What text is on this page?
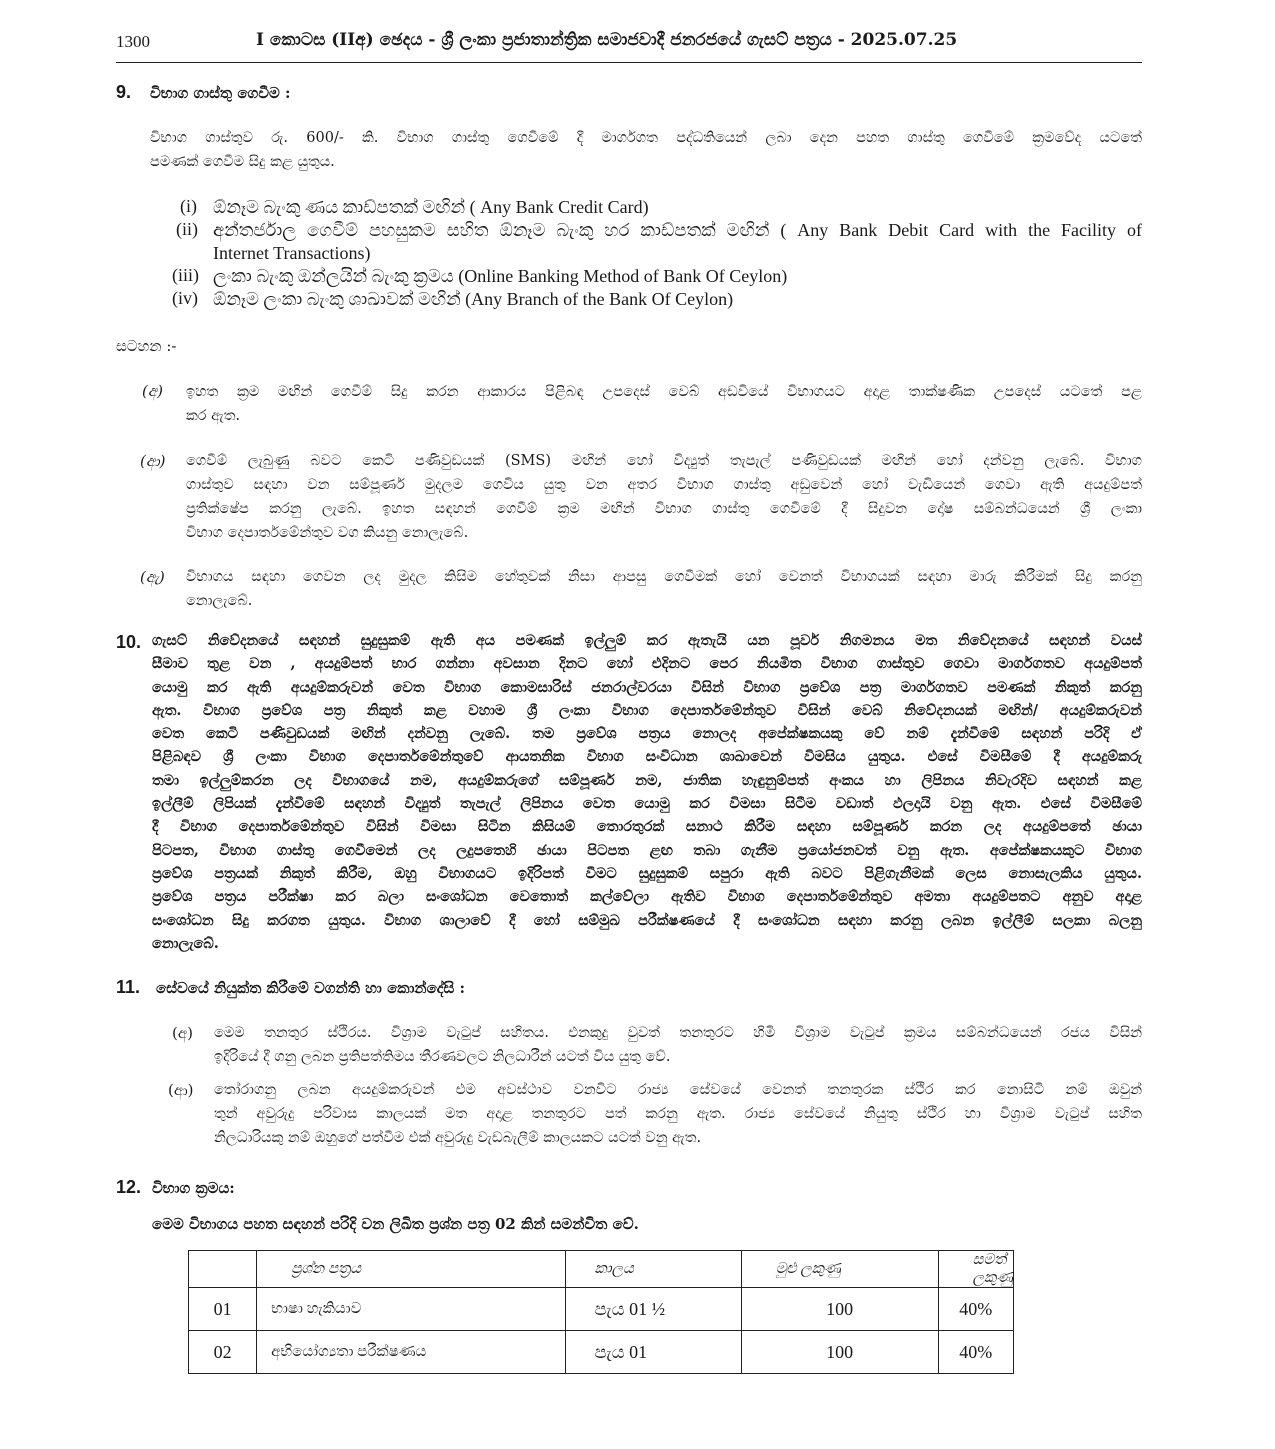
1300	I කොටස (IIඅ) ඡෙදය - ශ්‍රී ලංකා ප්‍රජාතාන්ත්‍රික සමාජවාදී ජනරජයේ ගැසට් පත්‍රය - 2025.07.25
9. විභාග ගාස්තු ගෙවීම :
විභාග ගාස්තුව රු. 600/- කි. විභාග ගාස්තු ගෙවීමේ දී මාර්ගගත පද්ධතියෙන් ලබා දෙන පහත ගාස්තු ගෙවීමේ ක්‍රමවේද යටතේ
පමණක් ගෙවීම සිදු කළ යුතුය.
(i) ඕනෑම බැංකු ණය කාඩ්පතක් මඟින් ( Any Bank Credit Card)
(ii) අන්තර්ජාල ගෙවීම් පහසුකම සහිත ඕනෑම බැංකු හර කාඩ්පතක් මඟින් ( Any Bank Debit Card with the Facility of
Internet Transactions)
(iii) ලංකා බැංකු ඔන්ලයින් බැංකු ක්‍රමය (Online Banking Method of Bank Of Ceylon)
(iv) ඕනෑම ලංකා බැංකු ශාඛාවක් මඟින් (Any Branch of the Bank Of Ceylon)
සටහන :-
(අ) ඉහත ක්‍රම මඟින් ගෙවීම් සිදු කරන ආකාරය පිළිබඳ උපදෙස් වෙබ් අඩවියේ විභාගයට අදාළ තාක්ෂණික උපදෙස් යටතේ පළ
කර ඇත.
(ආ) ගෙවීම් ලැබුණු බවට කෙටි පණිවුඩයක් (SMS) මඟින් හෝ විද්‍යුත් තැපැල් පණිවුඩයක් මඟින් හෝ දන්වනු ලැබේ. විභාග
ගාස්තුව සඳහා වන සම්පූර්ණ මුදලම ගෙවිය යුතු වන අතර විභාග ගාස්තු අඩුවෙන් හෝ වැඩියෙන් ගෙවා ඇති අයදුම්පත්
ප්‍රතික්ෂේප කරනු ලැබේ. ඉහත සඳහන් ගෙවීම් ක්‍රම මඟින් විභාග ගාස්තු ගෙවීමේ දී සිදුවන දෝෂ සම්බන්ධයෙන් ශ්‍රී ලංකා
විභාග දෙපාර්තමේන්තුව වග කියනු නොලැබේ.
(ඇ) විභාගය සඳහා ගෙවන ලද මුදල කිසිම හේතුවක් නිසා ආපසු ගෙවීමක් හෝ වෙනත් විභාගයක් සඳහා මාරු කිරීමක් සිදු කරනු
නොලැබේ.
10. ගැසට් නිවේදනයේ සඳහන් සුදුසුකම් ඇති අය පමණක් ඉල්ලුම් කර ඇතැයි යන පූර්ව නිගමනය මත නිවේදනයේ සඳහන් වයස්
සීමාව තුළ වන , අයදුම්පත් භාර ගන්නා අවසාන දිනට හෝ එදිනට පෙර නියමිත විභාග ගාස්තුව ගෙවා මාර්ගගතව අයදුම්පත්
යොමු කර ඇති අයදුම්කරුවන් වෙත විභාග කොමසාරිස් ජනරාල්වරයා විසින් විභාග ප්‍රවේශ පත්‍ර මාර්ගගතව පමණක් නිකුත් කරනු
ඇත. විභාග ප්‍රවේශ පත්‍ර නිකුත් කළ වහාම ශ්‍රී ලංකා විභාග දෙපාර්තමේන්තුව විසින් වෙබ් නිවේදනයක් මඟින්/ අයදුම්කරුවන්
වෙත කෙටි පණිවුඩයක් මඟින් දන්වනු ලැබේ. තම ප්‍රවේශ පත්‍රය නොලද අපේක්ෂකයකු වේ නම් දැන්වීමේ සඳහන් පරිදි ඒ
පිළිබඳව ශ්‍රී ලංකා විභාග දෙපාර්තමේන්තුවේ ආයතනික විභාග සංවිධාන ශාඛාවෙන් විමසිය යුතුය. එසේ විමසීමේ දී අයදුම්කරු
තමා ඉල්ලුම්කරන ලද විභාගයේ නම, අයදුම්කරුගේ සම්පූර්ණ නම, ජාතික හැඳුනුම්පත් අංකය හා ලිපිනය නිවැරදිව සඳහන් කළ
ඉල්ලීම් ලිපියක් දැන්වීමේ සඳහන් විද්‍යුත් තැපැල් ලිපිනය වෙත යොමු කර විමසා සිටීම වඩාත් ඵලදායි වනු ඇත. එසේ විමසීමේ
දී විභාග දෙපාර්තමේන්තුව විසින් විමසා සිටින කිසියම් තොරතුරක් සනාථ කිරීම සඳහා සම්පූර්ණ කරන ලද අයදුම්පතේ ඡායා
පිටපත, විභාග ගාස්තු ගෙවීමෙන් ලද ලදුපතෙහි ඡායා පිටපත ළඟ තබා ගැනීම ප්‍රයෝජනවත් වනු ඇත. අපේක්ෂකයකුට විභාග
ප්‍රවේශ පත්‍රයක් නිකුත් කිරීම, ඔහු විභාගයට ඉදිරිපත් වීමට සුදුසුකම් සපුරා ඇති බවට පිළිගැනීමක් ලෙස නොසැලකිය යුතුය.
ප්‍රවේශ පත්‍රය පරීක්ෂා කර බලා සංශෝධන වෙතොත් කල්වේලා ඇතිව විභාග දෙපාර්තමේන්තුව අමතා අයදුම්පතට අනුව අදාළ
සංශෝධන සිදු කරගත යුතුය. විභාග ශාලාවේ දී හෝ සම්මුඛ පරීක්ෂණයේ දී සංශෝධන සඳහා කරනු ලබන ඉල්ලීම් සලකා බලනු
නොලැබේ.
11. සේවයේ නියුක්ත කිරීමේ වගන්ති හා කොන්දේසි :
(අ) මෙම තනතුර ස්ථිරය. විශ්‍රාම වැටුප් සහිතය. එනකුදු වුවත් තනතුරට හිමි විශ්‍රාම වැටුප් ක්‍රමය සම්බන්ධයෙන් රජය විසින්
ඉදිරියේ දී ගනු ලබන ප්‍රතිපත්තිමය තීරණවලට නිලධාරීන් යටත් විය යුතු වේ.
(ආ) තෝරාගනු ලබන අයදුම්කරුවන් එම අවස්ථාව වනවිට රාජ්‍ය සේවයේ වෙනත් තනතුරක ස්ථිර කර නොසිටී නම් ඔවුන්
තුන් අවුරුදු පරිවාස කාලයක් මත අදාළ තනතුරට පත් කරනු ඇත. රාජ්‍ය සේවයේ නියුතු ස්ථිර හා විශ්‍රාම වැටුප් සහිත
නිලධාරියකු නම් ඔහුගේ පත්වීම එක් අවුරුදු වැඩබැලීම් කාලයකට යටත් වනු ඇත.
12. විභාග ක්‍රමය:
මෙම විභාගය පහත සඳහන් පරිදි වන ලිඛිත ප්‍රශ්න පත්‍ර 02 කින් සමන්විත වේ.
	ප්‍රශ්න පත්‍රය	කාලය	මුළු ලකුණු	සමත් ලකුණු
01	භාෂා හැකියාව	පැය 01 ½	100	40%
02	අභියෝග්‍යතා පරීක්ෂණය	පැය 01	100	40%
